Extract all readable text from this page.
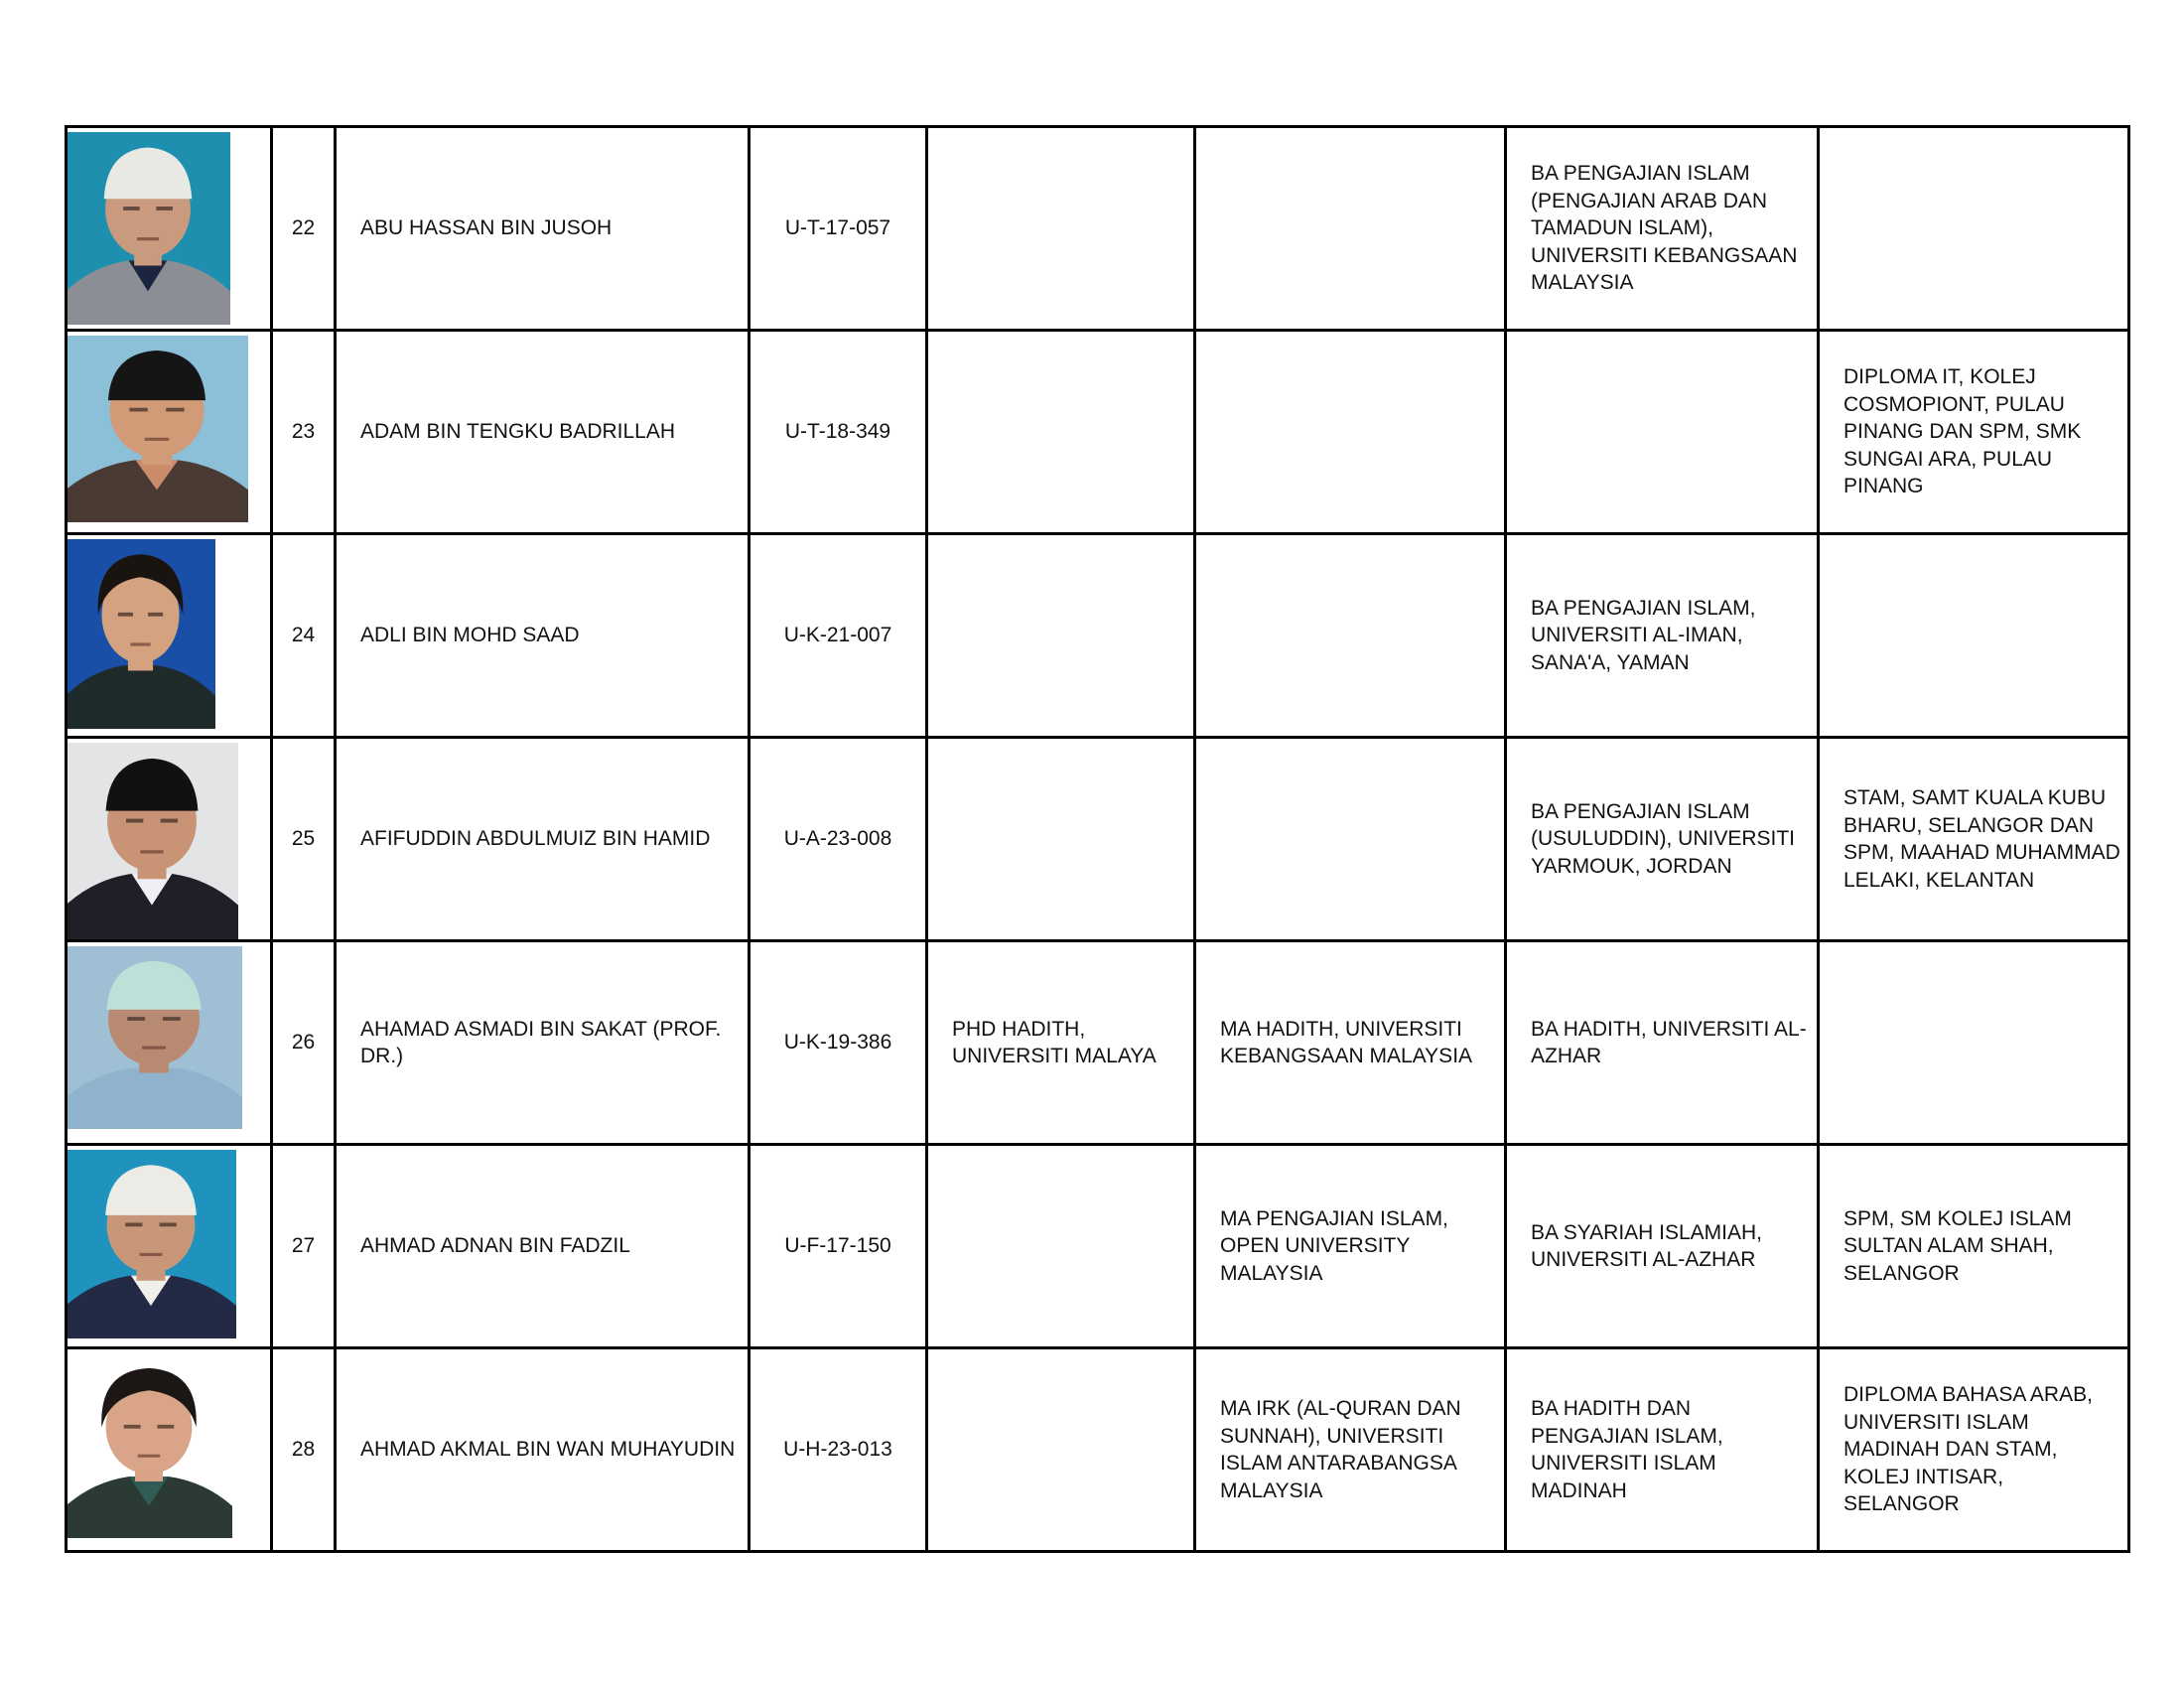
	22	ABU HASSAN BIN JUSOH	U-T-17-057			BA PENGAJIAN ISLAM (PENGAJIAN ARAB DAN TAMADUN ISLAM), UNIVERSITI KEBANGSAAN MALAYSIA	

	23	ADAM BIN TENGKU BADRILLAH	U-T-18-349				DIPLOMA IT, KOLEJ COSMOPIONT, PULAU PINANG DAN SPM, SMK SUNGAI ARA, PULAU PINANG

	24	ADLI BIN MOHD SAAD	U-K-21-007			BA PENGAJIAN ISLAM, UNIVERSITI AL-IMAN, SANA'A, YAMAN	

	25	AFIFUDDIN ABDULMUIZ BIN HAMID	U-A-23-008			BA PENGAJIAN ISLAM (USULUDDIN), UNIVERSITI YARMOUK, JORDAN	STAM, SAMT KUALA KUBU BHARU, SELANGOR DAN SPM, MAAHAD MUHAMMAD LELAKI, KELANTAN

	26	AHAMAD ASMADI BIN SAKAT (PROF. DR.)	U-K-19-386	PHD HADITH, UNIVERSITI MALAYA	MA HADITH, UNIVERSITI KEBANGSAAN MALAYSIA	BA HADITH, UNIVERSITI AL-AZHAR	

	27	AHMAD ADNAN BIN FADZIL	U-F-17-150		MA PENGAJIAN ISLAM, OPEN UNIVERSITY MALAYSIA	BA SYARIAH ISLAMIAH, UNIVERSITI AL-AZHAR	SPM, SM KOLEJ ISLAM SULTAN ALAM SHAH, SELANGOR

	28	AHMAD AKMAL BIN WAN MUHAYUDIN	U-H-23-013		MA IRK (AL-QURAN DAN SUNNAH), UNIVERSITI ISLAM ANTARABANGSA MALAYSIA	BA HADITH DAN PENGAJIAN ISLAM, UNIVERSITI ISLAM MADINAH	DIPLOMA BAHASA ARAB, UNIVERSITI ISLAM MADINAH DAN STAM, KOLEJ INTISAR, SELANGOR
